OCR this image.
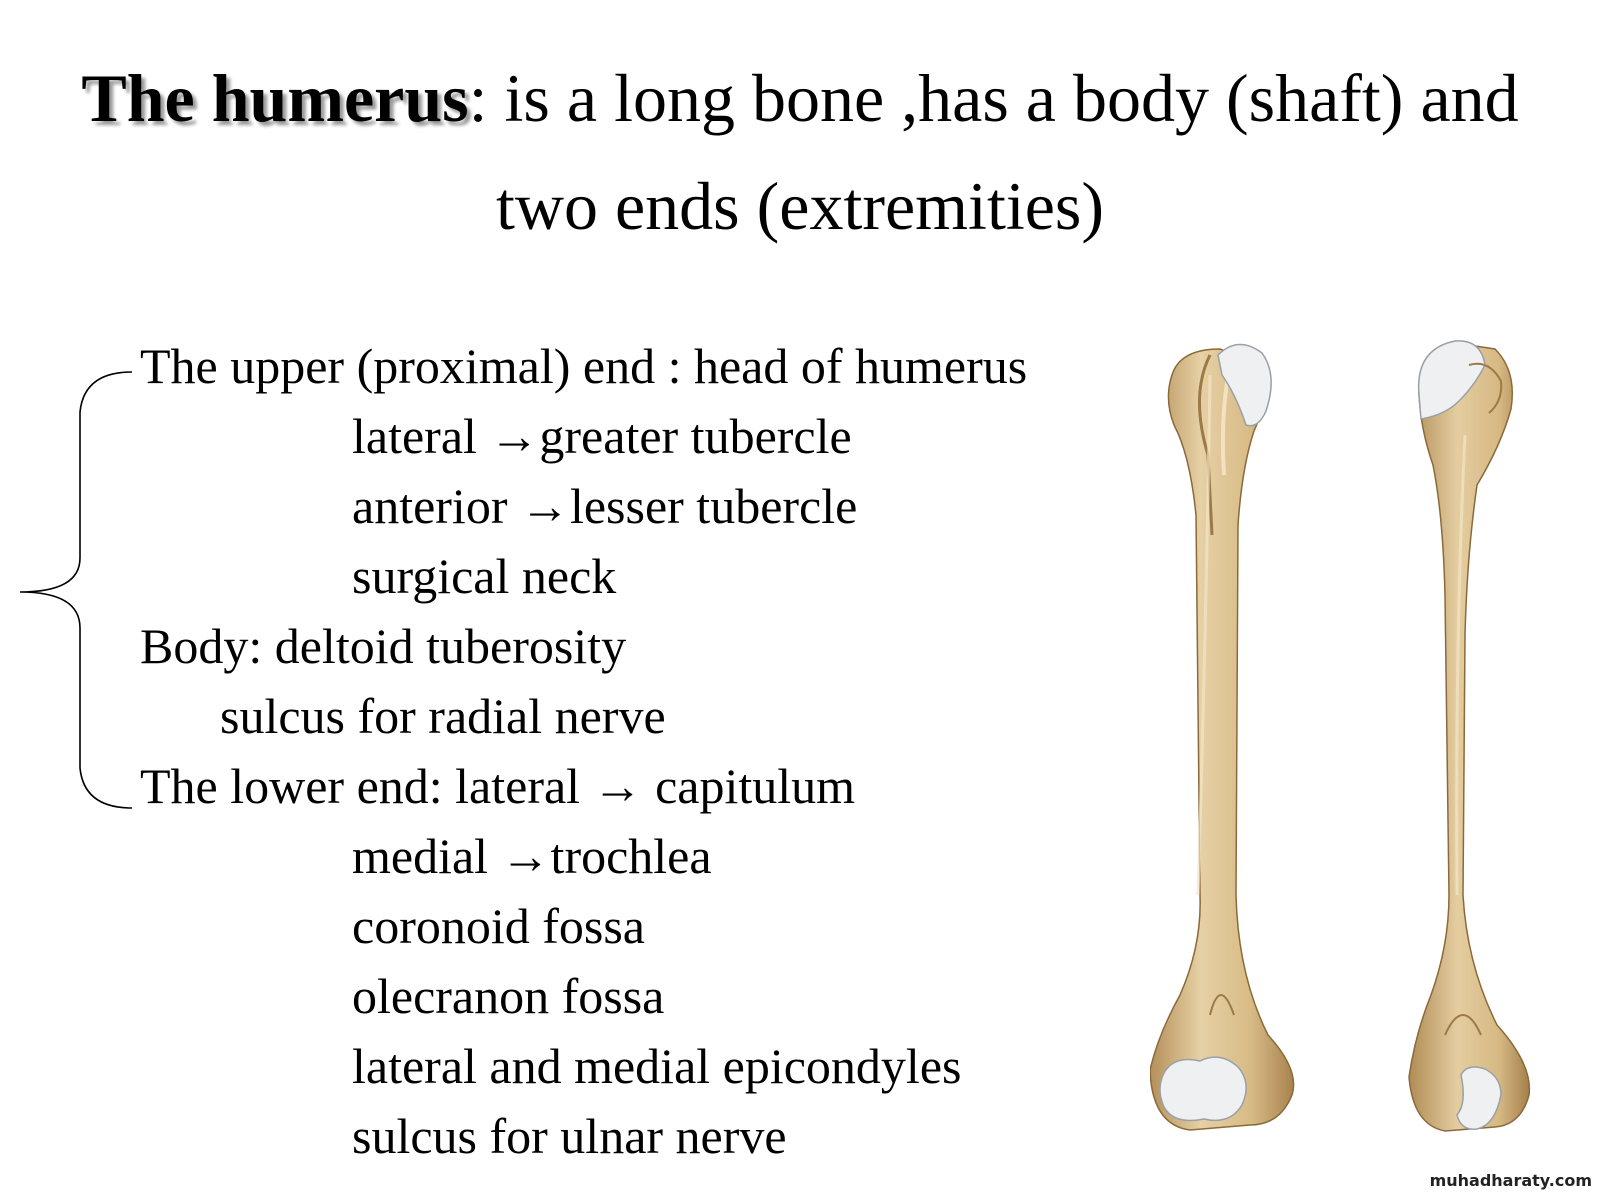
The humerus: is a long bone ,has a body (shaft) and
two ends (extremities)
The upper (proximal) end : head of humerus
lateral →greater tubercle
anterior →lesser tubercle
surgical neck
Body: deltoid tuberosity
sulcus for radial nerve
The lower end: lateral → capitulum
medial →trochlea
coronoid fossa
olecranon fossa
lateral and medial epicondyles
sulcus for ulnar nerve
muhadharaty.com
